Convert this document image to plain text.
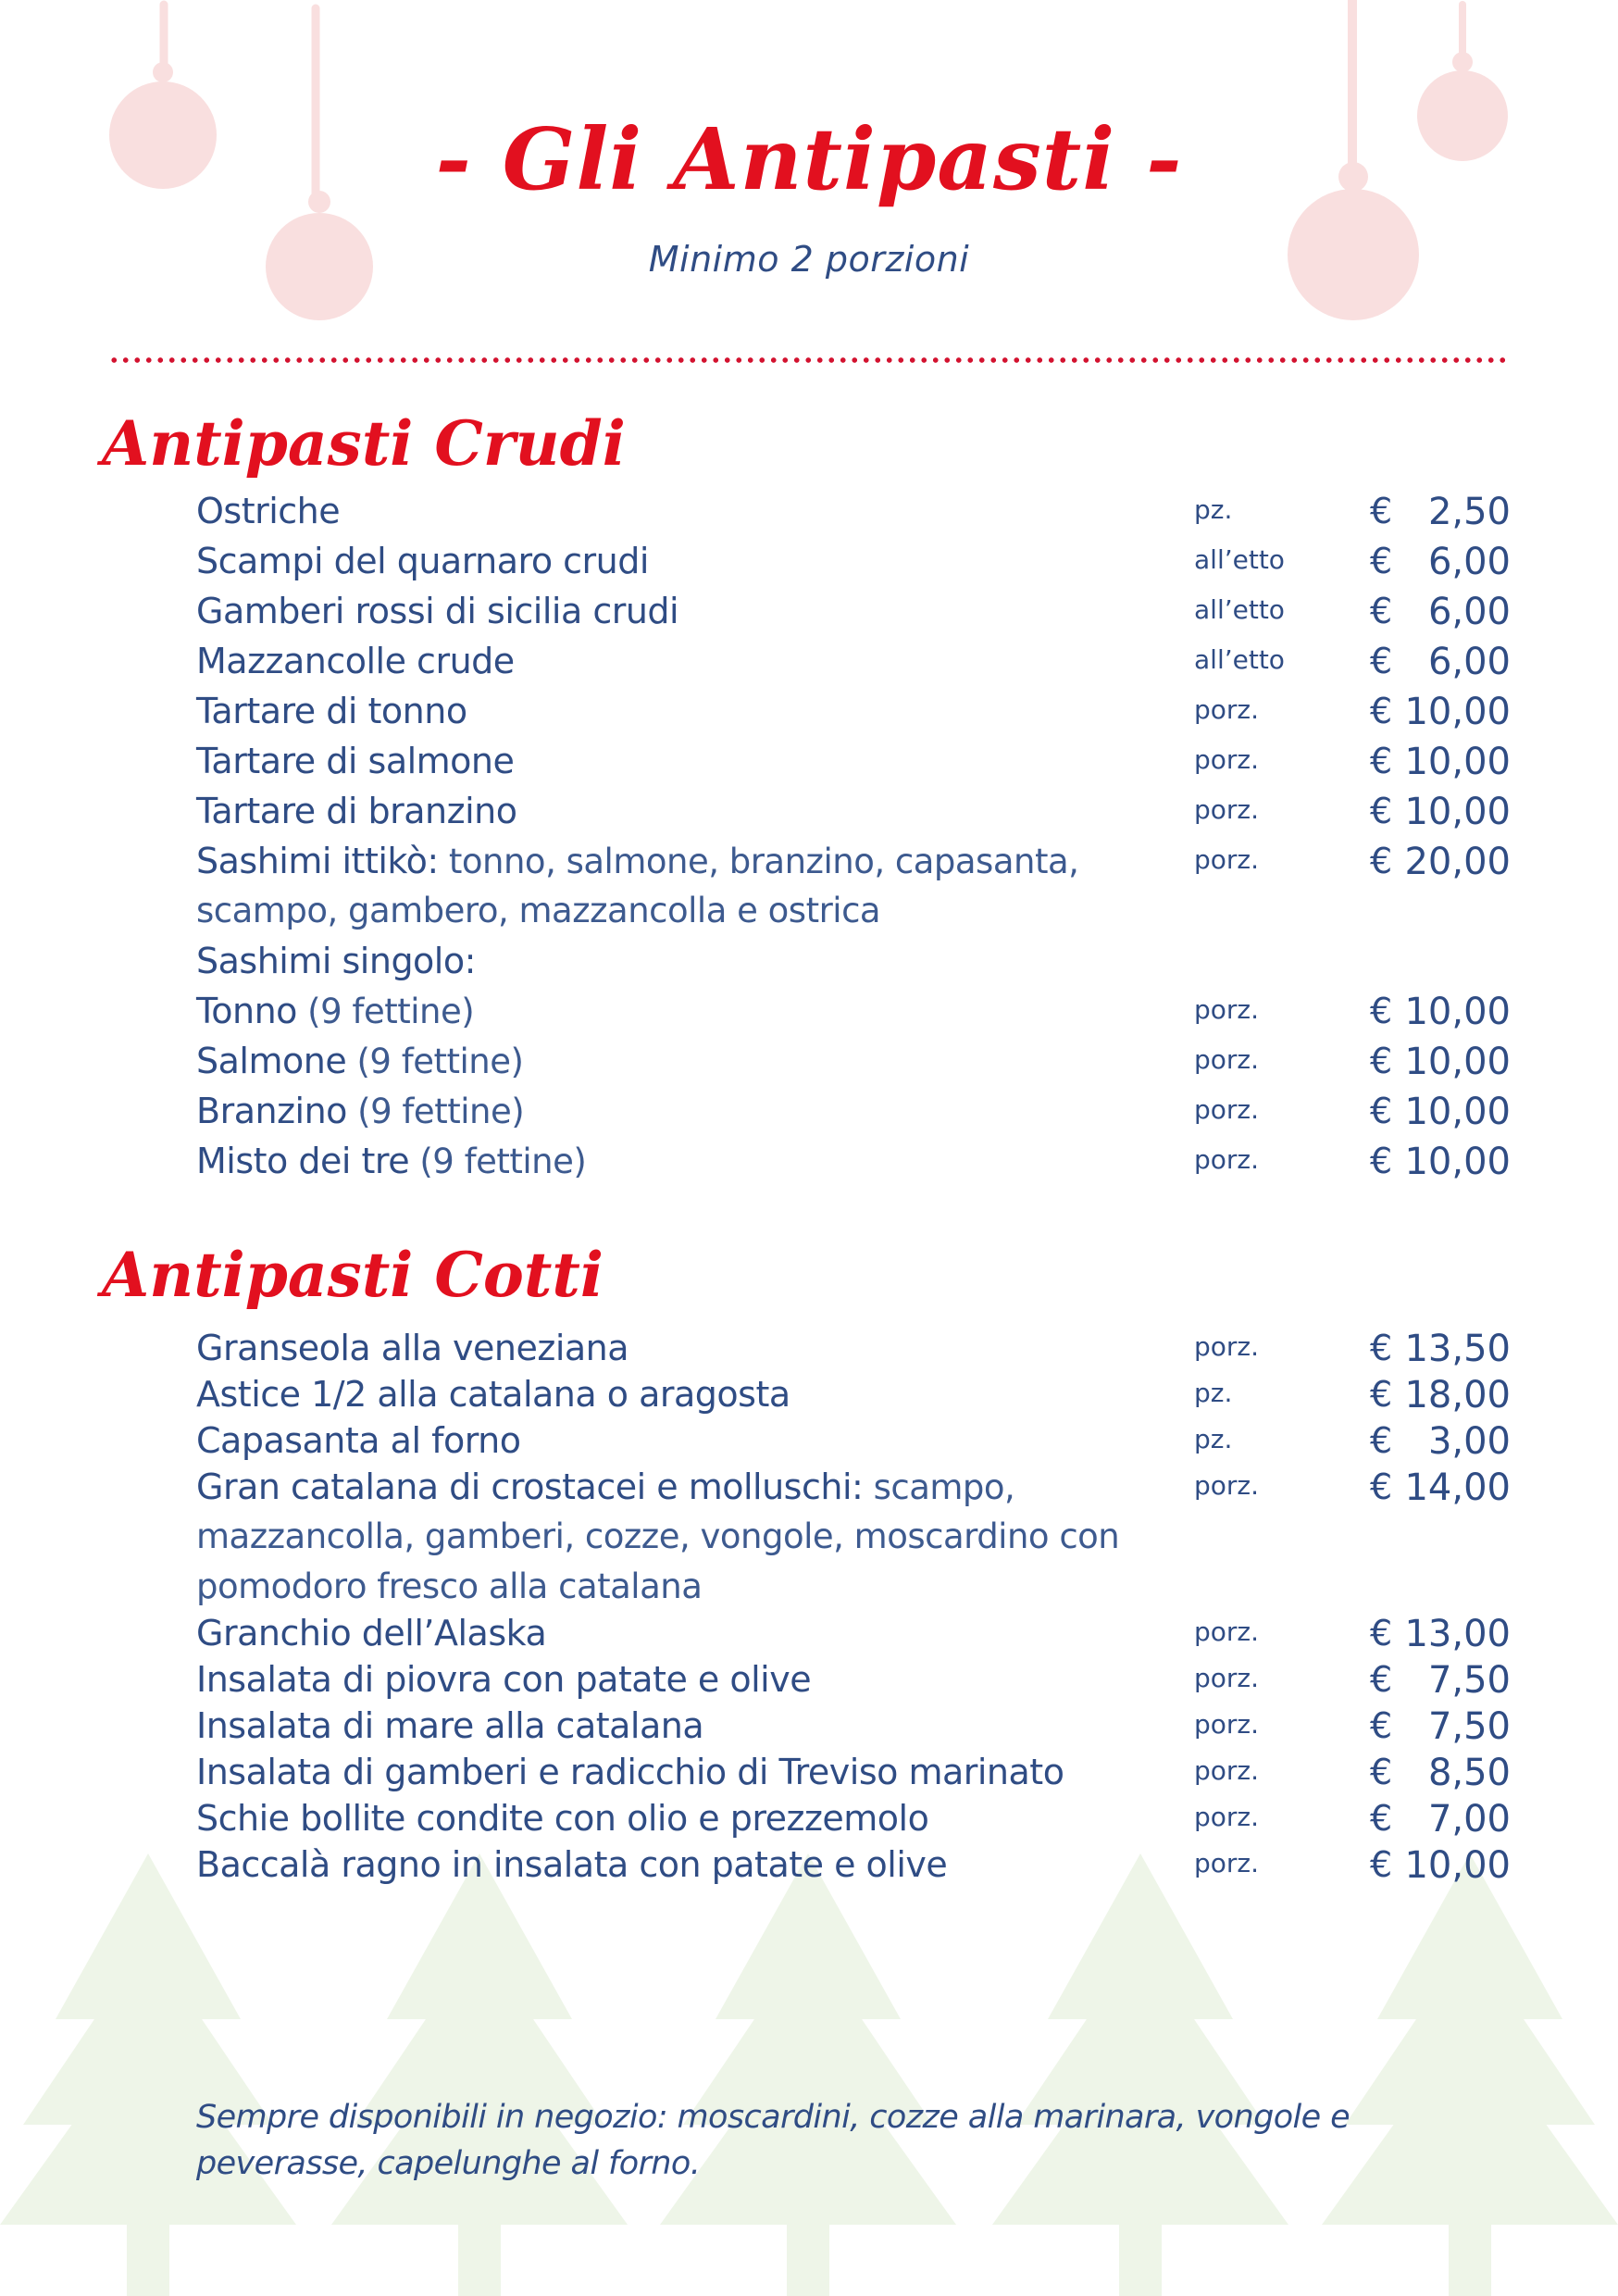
- Gli Antipasti -
Minimo 2 porzioni
Antipasti Crudi
Ostriche	pz.	€ 2,50
Scampi del quarnaro crudi	all’etto € 6,00
Gamberi rossi di sicilia crudi	all’etto € 6,00
Mazzancolle crude	all’etto € 6,00
Tartare di tonno	porz.	€ 10,00
Tartare di salmone	porz.	€ 10,00
Tartare di branzino	porz.	€ 10,00
Sashimi ittikò: tonno, salmone, branzino, capasanta,	porz.	€ 20,00
scampo, gambero, mazzancolla e ostrica
Sashimi singolo:
Tonno (9 fettine)	porz.	€ 10,00
Salmone (9 fettine)	porz.	€ 10,00
Branzino (9 fettine)	porz.	€ 10,00
Misto dei tre (9 fettine)	porz.	€ 10,00
Antipasti Cotti
Granseola alla veneziana	porz.	€ 13,50
Astice 1/2 alla catalana o aragosta	pz.	€ 18,00
Capasanta al forno	pz.	€ 3,00
Gran catalana di crostacei e molluschi: scampo,	porz.	€ 14,00
mazzancolla, gamberi, cozze, vongole, moscardino con
pomodoro fresco alla catalana
Granchio dell’Alaska	porz.	€ 13,00
Insalata di piovra con patate e olive	porz.	€ 7,50
Insalata di mare alla catalana	porz.	€ 7,50
Insalata di gamberi e radicchio di Treviso marinato	porz.	€ 8,50
Schie bollite condite con olio e prezzemolo	porz.	€ 7,00
Baccalà ragno in insalata con patate e olive	porz.	€ 10,00
Sempre disponibili in negozio: moscardini, cozze alla marinara, vongole e peverasse, capelunghe al forno.
